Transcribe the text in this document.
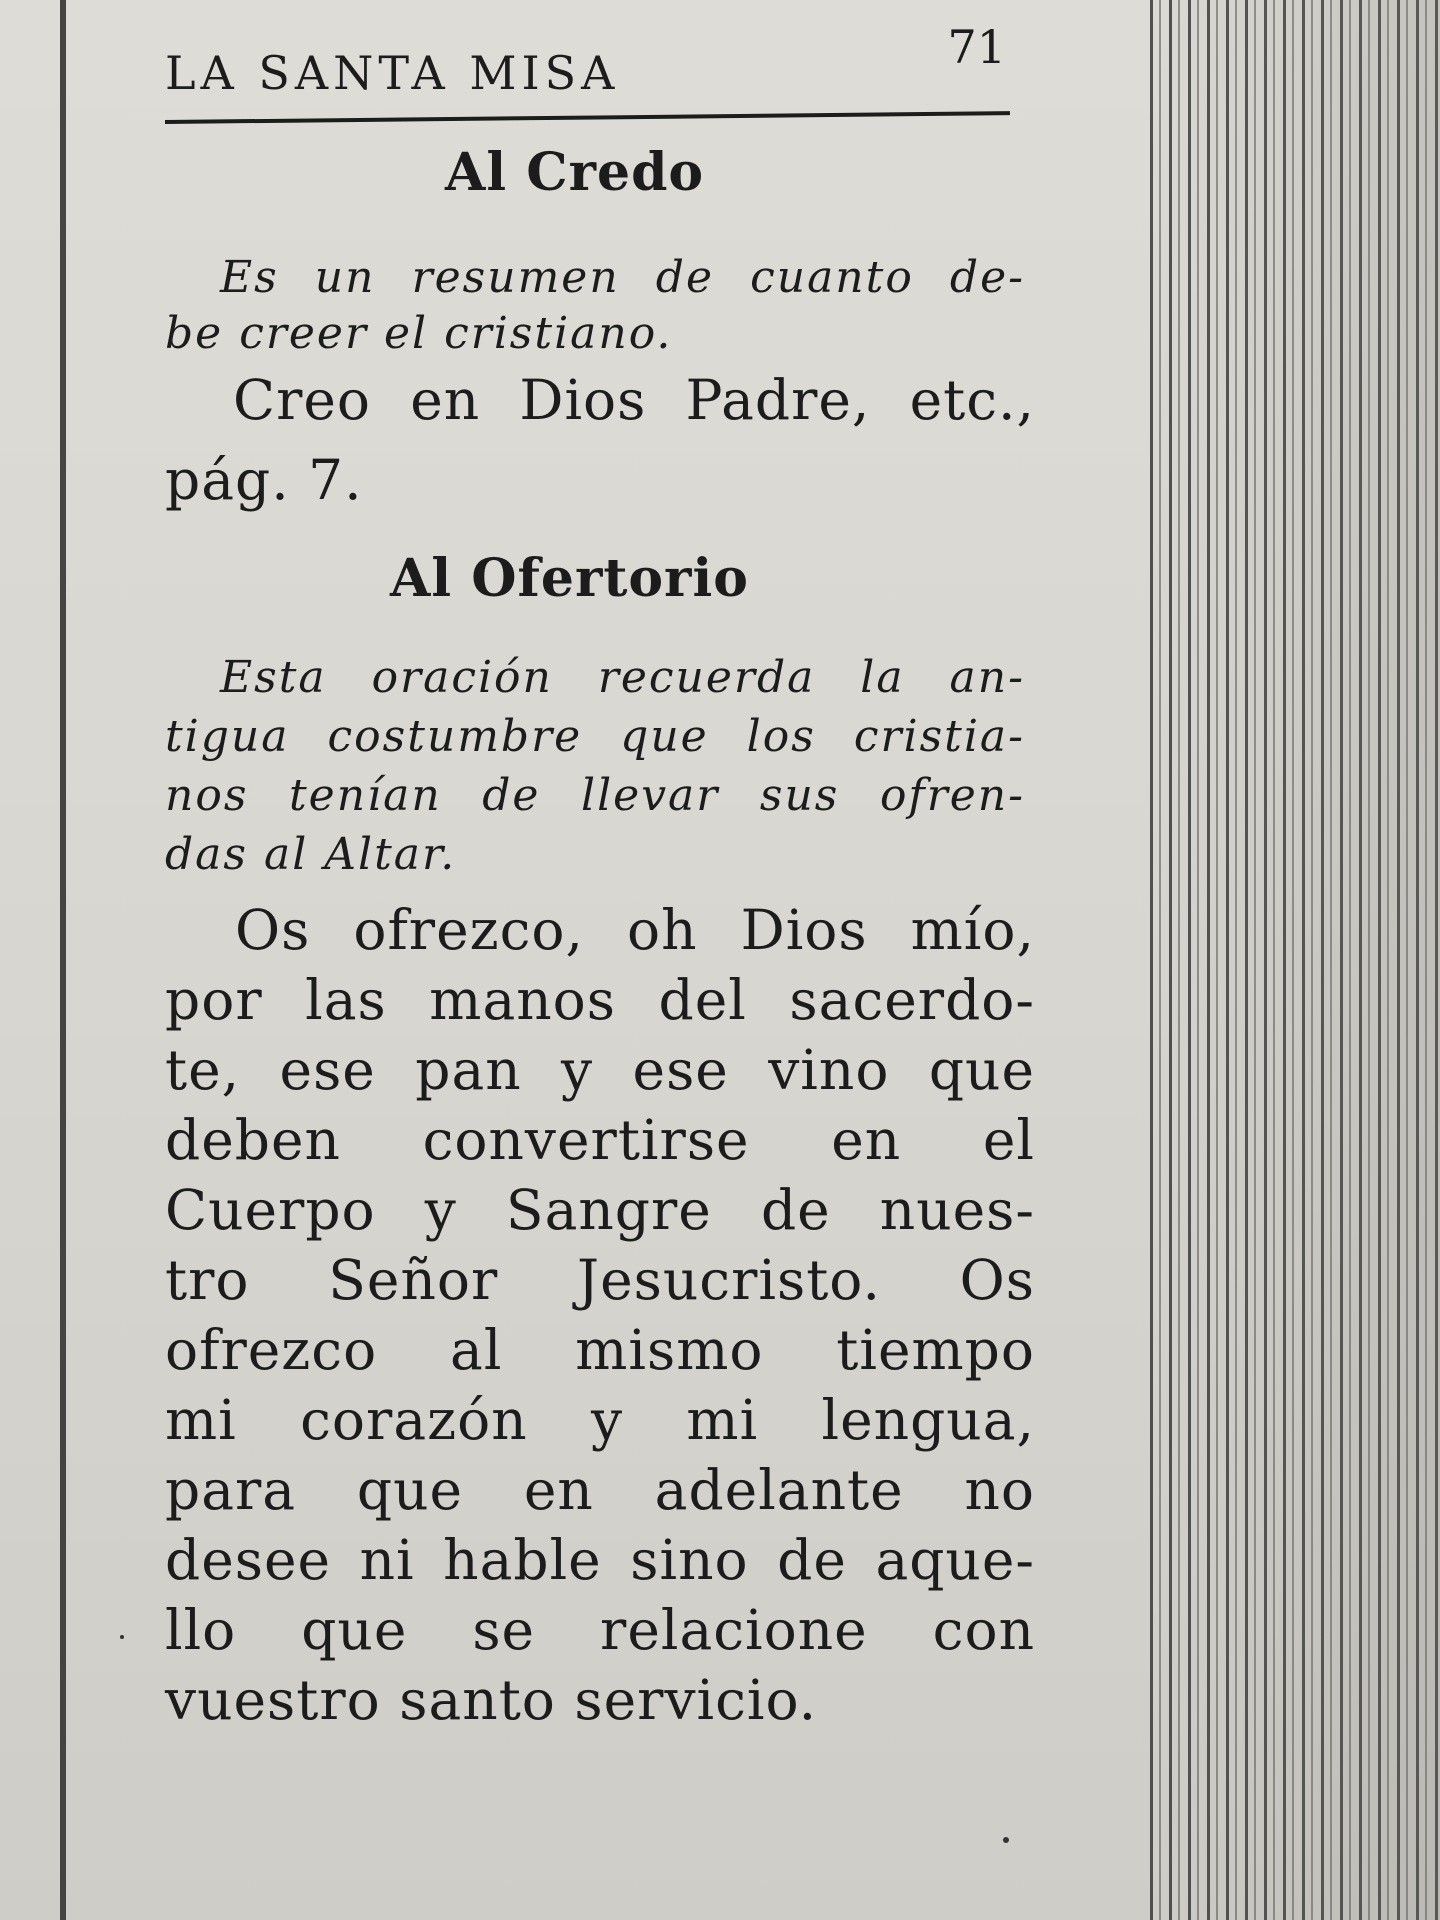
LA SANTA MISA	71
Al Credo
Es un resumen de cuanto de-
be creer el cristiano.
Creo en Dios Padre, etc.,
pág. 7.
Al Ofertorio
Esta oración recuerda la an-
tigua costumbre que los cristia-
nos tenían de llevar sus ofren-
das al Altar.
Os ofrezco, oh Dios mío,
por las manos del sacerdo-
te, ese pan y ese vino que
deben convertirse en el
Cuerpo y Sangre de nues-
tro Señor Jesucristo. Os
ofrezco al mismo tiempo
mi corazón y mi lengua,
para que en adelante no
desee ni hable sino de aque-
llo que se relacione con
vuestro santo servicio.
